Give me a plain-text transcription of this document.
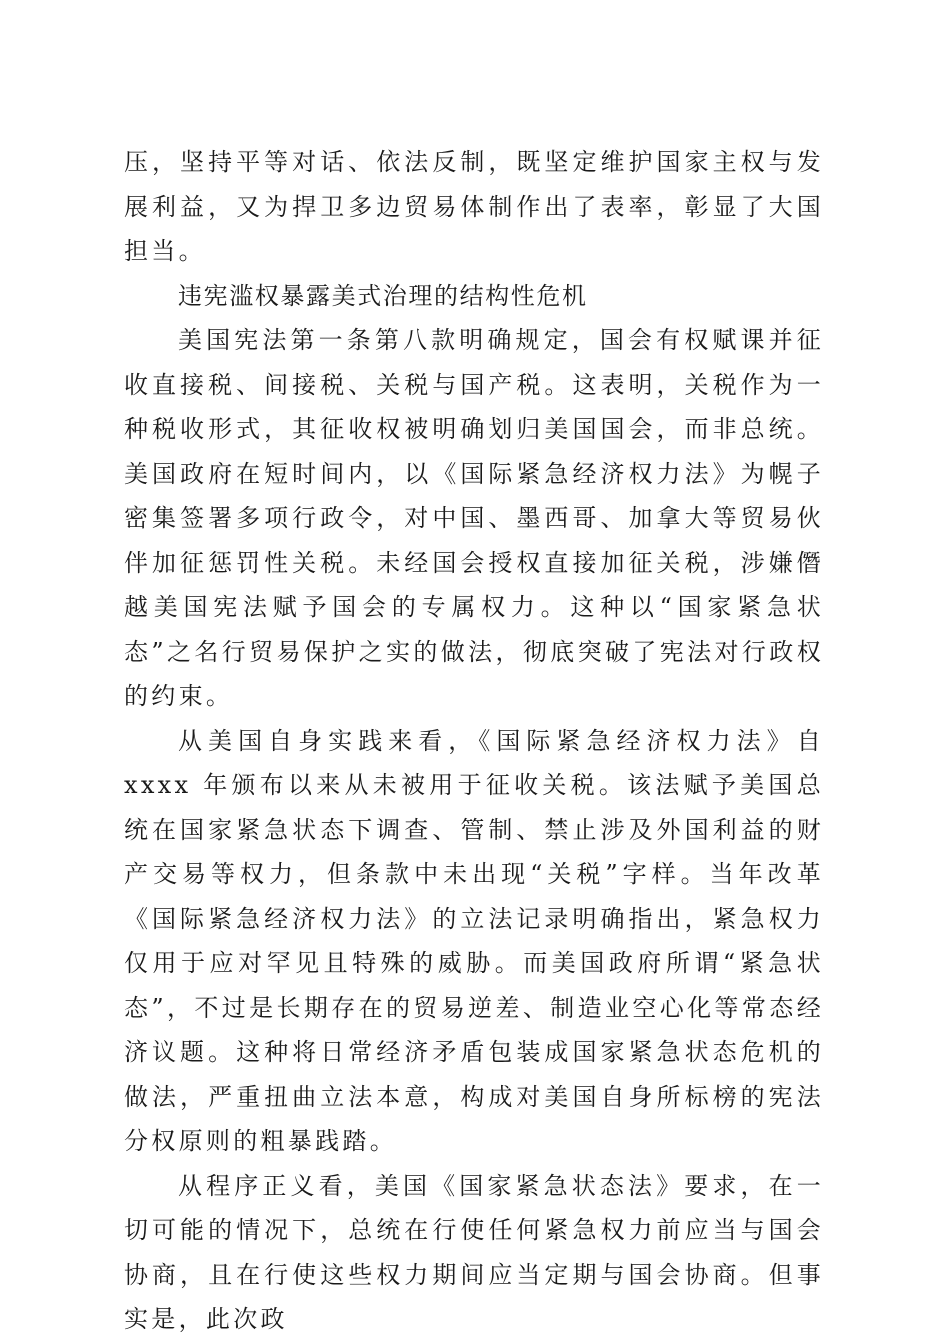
压，坚持平等对话、依法反制，既坚定维护国家主权与发展利益，又为捍卫多边贸易体制作出了表率，彰显了大国担当。

违宪滥权暴露美式治理的结构性危机

美国宪法第一条第八款明确规定，国会有权赋课并征收直接税、间接税、关税与国产税。这表明，关税作为一种税收形式，其征收权被明确划归美国国会，而非总统。美国政府在短时间内，以《国际紧急经济权力法》为幌子密集签署多项行政令，对中国、墨西哥、加拿大等贸易伙伴加征惩罚性关税。未经国会授权直接加征关税，涉嫌僭越美国宪法赋予国会的专属权力。这种以“国家紧急状态”之名行贸易保护之实的做法，彻底突破了宪法对行政权的约束。

从美国自身实践来看，《国际紧急经济权力法》自 xxxx 年颁布以来从未被用于征收关税。该法赋予美国总统在国家紧急状态下调查、管制、禁止涉及外国利益的财产交易等权力，但条款中未出现“关税”字样。当年改革《国际紧急经济权力法》的立法记录明确指出，紧急权力仅用于应对罕见且特殊的威胁。而美国政府所谓“紧急状态”，不过是长期存在的贸易逆差、制造业空心化等常态经济议题。这种将日常经济矛盾包装成国家紧急状态危机的做法，严重扭曲立法本意，构成对美国自身所标榜的宪法分权原则的粗暴践踏。

从程序正义看，美国《国家紧急状态法》要求，在一切可能的情况下，总统在行使任何紧急权力前应当与国会协商，且在行使这些权力期间应当定期与国会协商。但事实是，此次政
